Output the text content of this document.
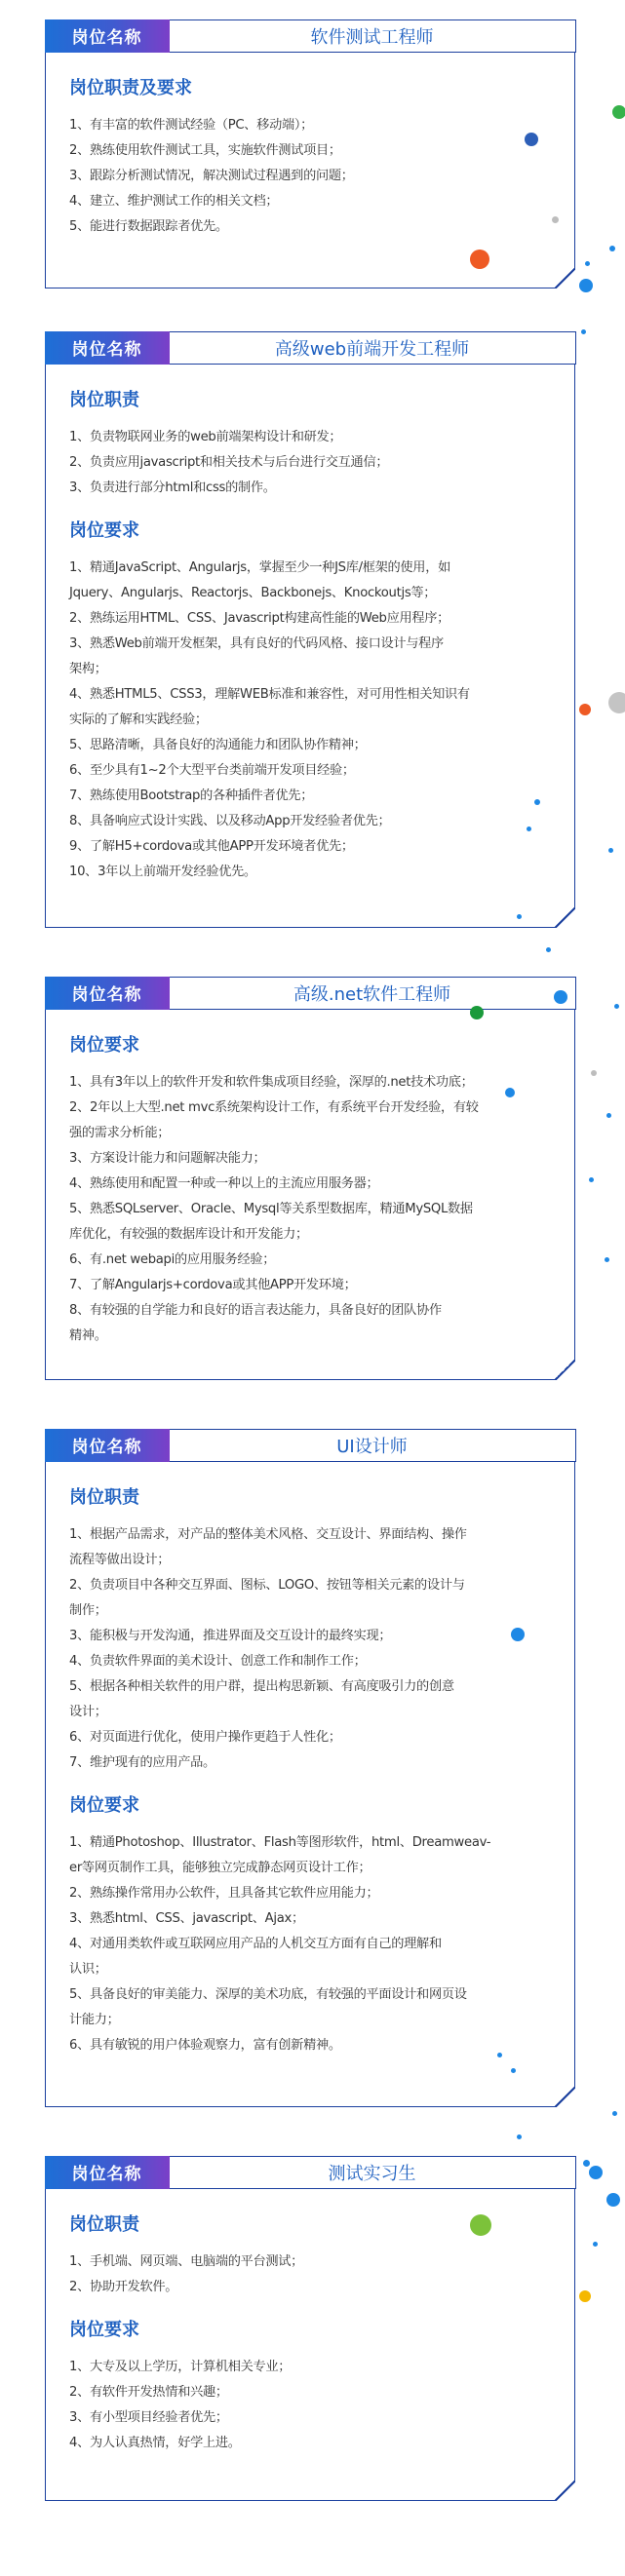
岗位名称	软件测试工程师
岗位职责及要求
1、有丰富的软件测试经验（PC、移动端）；
2、熟练使用软件测试工具，实施软件测试项目；
3、跟踪分析测试情况，解决测试过程遇到的问题；
4、建立、维护测试工作的相关文档；
5、能进行数据跟踪者优先。
岗位名称	高级web前端开发工程师
岗位职责
1、负责物联网业务的web前端架构设计和研发；
2、负责应用javascript和相关技术与后台进行交互通信；
3、负责进行部分html和css的制作。
岗位要求
1、精通JavaScript、Angularjs，掌握至少一种JS库/框架的使用，如
Jquery、Angularjs、Reactorjs、Backbonejs、Knockoutjs等；
2、熟练运用HTML、CSS、Javascript构建高性能的Web应用程序；
3、熟悉Web前端开发框架，具有良好的代码风格、接口设计与程序
架构；
4、熟悉HTML5、CSS3，理解WEB标准和兼容性，对可用性相关知识有
实际的了解和实践经验；
5、思路清晰，具备良好的沟通能力和团队协作精神；
6、至少具有1~2个大型平台类前端开发项目经验；
7、熟练使用Bootstrap的各种插件者优先；
8、具备响应式设计实践、以及移动App开发经验者优先；
9、了解H5+cordova或其他APP开发环境者优先；
10、3年以上前端开发经验优先。
岗位名称	高级.net软件工程师
岗位要求
1、具有3年以上的软件开发和软件集成项目经验，深厚的.net技术功底；
2、2年以上大型.net mvc系统架构设计工作，有系统平台开发经验，有较
强的需求分析能；
3、方案设计能力和问题解决能力；
4、熟练使用和配置一种或一种以上的主流应用服务器；
5、熟悉SQLserver、Oracle、Mysql等关系型数据库，精通MySQL数据
库优化，有较强的数据库设计和开发能力；
6、有.net webapi的应用服务经验；
7、了解Angularjs+cordova或其他APP开发环境；
8、有较强的自学能力和良好的语言表达能力，具备良好的团队协作
精神。
岗位名称	UI设计师
岗位职责
1、根据产品需求，对产品的整体美术风格、交互设计、界面结构、操作
流程等做出设计；
2、负责项目中各种交互界面、图标、LOGO、按钮等相关元素的设计与
制作；
3、能积极与开发沟通，推进界面及交互设计的最终实现；
4、负责软件界面的美术设计、创意工作和制作工作；
5、根据各种相关软件的用户群，提出构思新颖、有高度吸引力的创意
设计；
6、对页面进行优化，使用户操作更趋于人性化；
7、维护现有的应用产品。
岗位要求
1、精通Photoshop、Illustrator、Flash等图形软件，html、Dreamweav-
er等网页制作工具，能够独立完成静态网页设计工作；
2、熟练操作常用办公软件，且具备其它软件应用能力；
3、熟悉html、CSS、javascript、Ajax；
4、对通用类软件或互联网应用产品的人机交互方面有自己的理解和
认识；
5、具备良好的审美能力、深厚的美术功底，有较强的平面设计和网页设
计能力；
6、具有敏锐的用户体验观察力，富有创新精神。
岗位名称	测试实习生
岗位职责
1、手机端、网页端、电脑端的平台测试；
2、协助开发软件。
岗位要求
1、大专及以上学历，计算机相关专业；
2、有软件开发热情和兴趣；
3、有小型项目经验者优先；
4、为人认真热情，好学上进。
